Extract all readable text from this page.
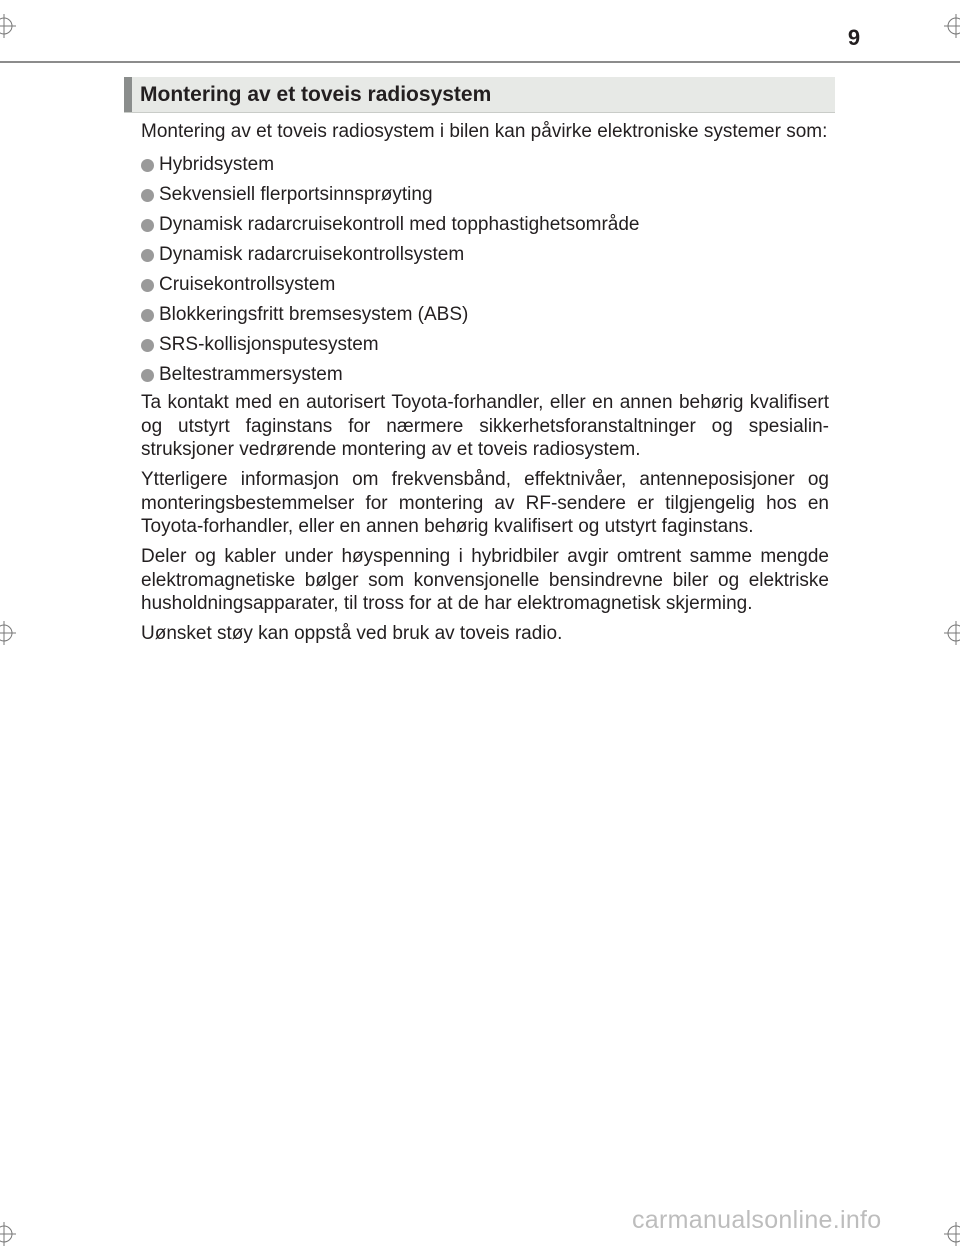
9
Montering av et toveis radiosystem

Montering av et toveis radiosystem i bilen kan påvirke elektroniske systemer som:

Hybridsystem
Sekvensiell flerportsinnsprøyting
Dynamisk radarcruisekontroll med topphastighetsområde
Dynamisk radarcruisekontrollsystem
Cruisekontrollsystem
Blokkeringsfritt bremsesystem (ABS)
SRS-kollisjonsputesystem
Beltestrammersystem

Ta kontakt med en autorisert Toyota-forhandler, eller en annen behørig kvalifisert og utstyrt faginstans for nærmere sikkerhetsforanstaltninger og spesialinstruksjoner vedrørende montering av et toveis radiosystem.

Ytterligere informasjon om frekvensbånd, effektnivåer, antenneposisjoner og monteringsbestemmelser for montering av RF-sendere er tilgjengelig hos en Toyota-forhandler, eller en annen behørig kvalifisert og utstyrt faginstans.

Deler og kabler under høyspenning i hybridbiler avgir omtrent samme mengde elektromagnetiske bølger som konvensjonelle bensindrevne biler og elektriske husholdningsapparater, til tross for at de har elektromagnetisk skjerming.

Uønsket støy kan oppstå ved bruk av toveis radio.

carmanualsonline.info
